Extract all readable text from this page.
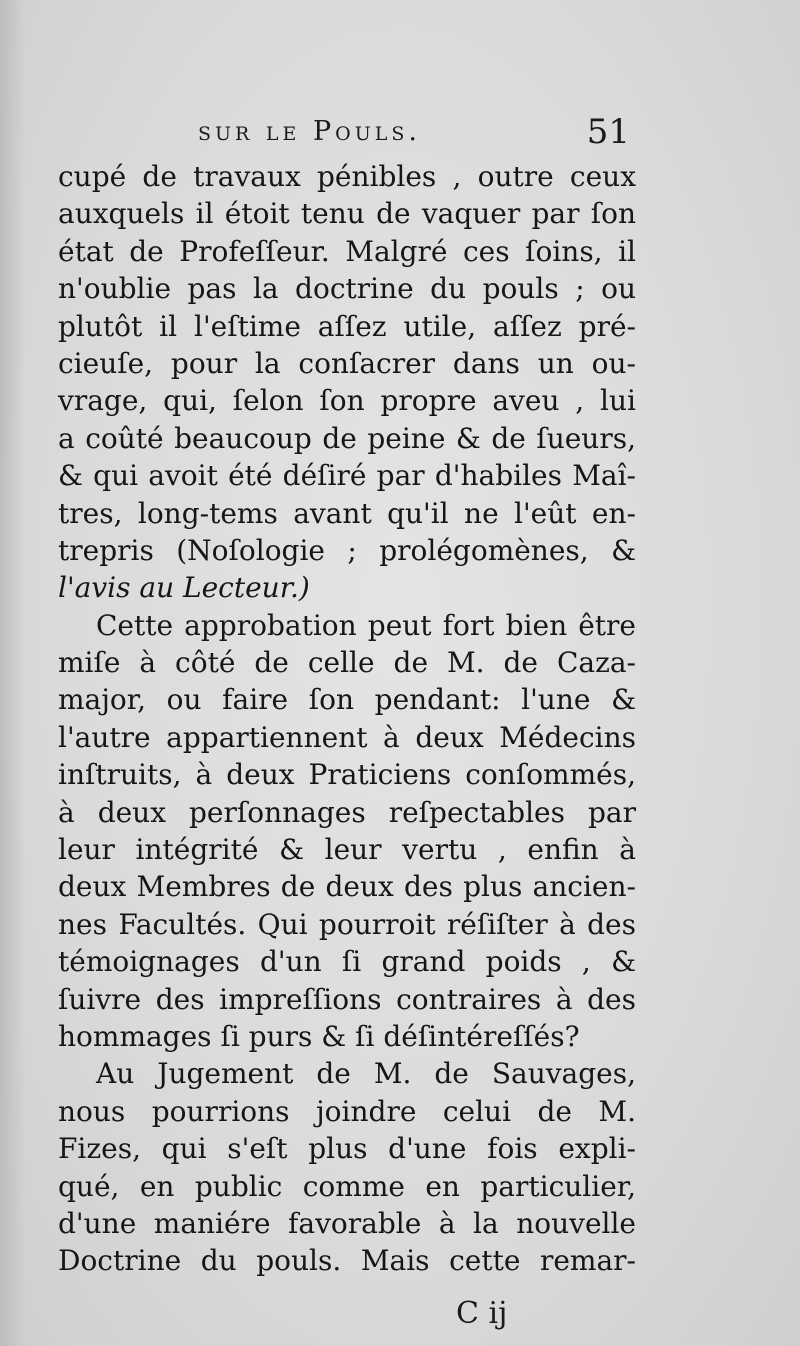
sur le Pouls.	51
cupé de travaux pénibles , outre ceux
auxquels il étoit tenu de vaquer par ſon
état de Profeſſeur. Malgré ces ſoins, il
n'oublie pas la doctrine du pouls ; ou
plutôt il l'eſtime aſſez utile, aſſez pré-
cieuſe, pour la conſacrer dans un ou-
vrage, qui, ſelon ſon propre aveu , lui
a coûté beaucoup de peine & de ſueurs,
& qui avoit été déſiré par d'habiles Maî-
tres, long-tems avant qu'il ne l'eût en-
trepris (Noſologie ; prolégomènes, &
l'avis au Lecteur.)
Cette approbation peut fort bien être
miſe à côté de celle de M. de Caza-
major, ou faire ſon pendant: l'une &
l'autre appartiennent à deux Médecins
inſtruits, à deux Praticiens conſommés,
à deux perſonnages reſpectables par
leur intégrité & leur vertu , enfin à
deux Membres de deux des plus ancien-
nes Facultés. Qui pourroit réſiſter à des
témoignages d'un ſi grand poids , &
ſuivre des impreſſions contraires à des
hommages ſi purs & ſi déſintéreſſés?
Au Jugement de M. de Sauvages,
nous pourrions joindre celui de M.
Fizes, qui s'eſt plus d'une fois expli-
qué, en public comme en particulier,
d'une maniére favorable à la nouvelle
Doctrine du pouls. Mais cette remar-
C ij
